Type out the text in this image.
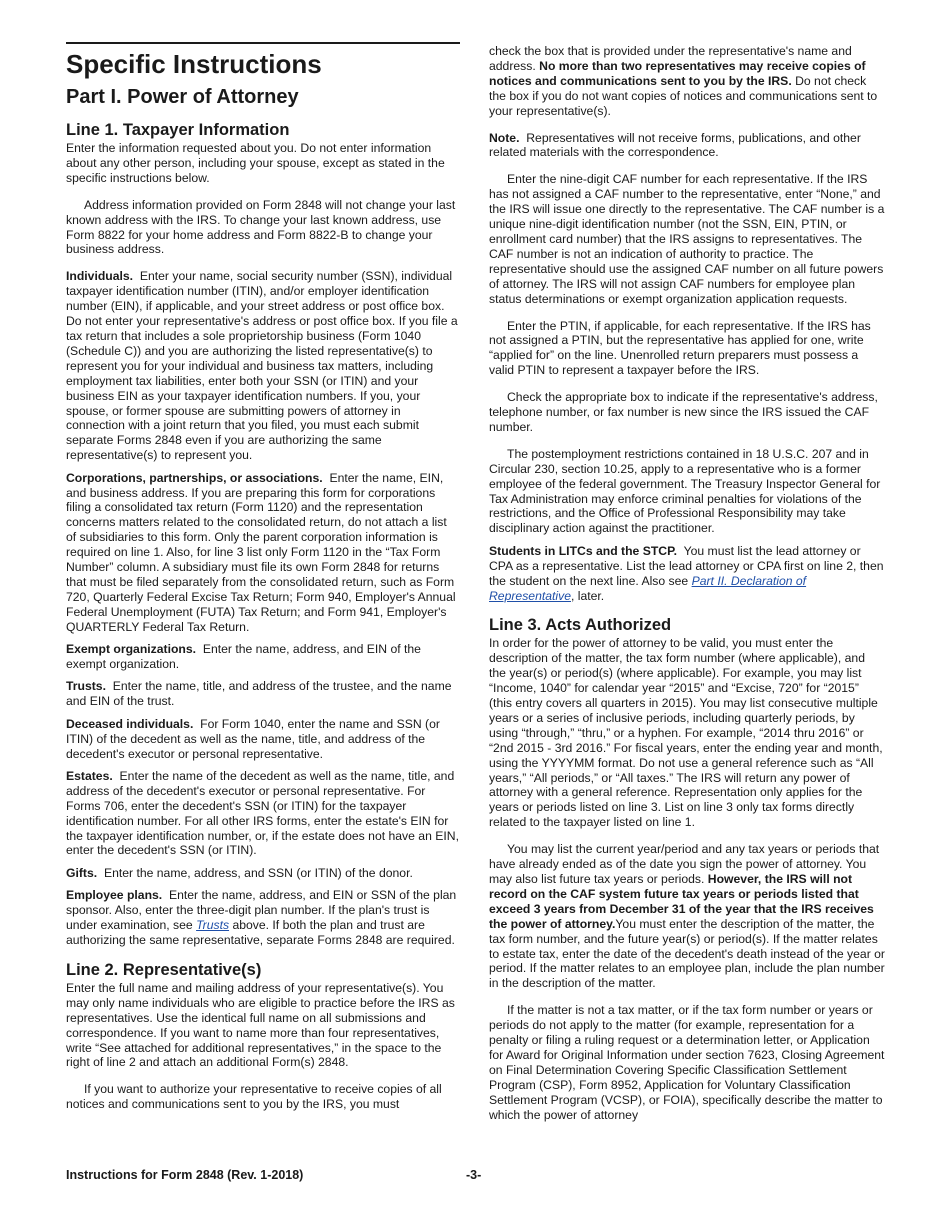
Specific Instructions
Part I. Power of Attorney
Line 1. Taxpayer Information

Enter the information requested about you. Do not enter information about any other person, including your spouse, except as stated in the specific instructions below.

Address information provided on Form 2848 will not change your last known address with the IRS. To change your last known address, use Form 8822 for your home address and Form 8822-B to change your business address.

Individuals. Enter your name, social security number (SSN), individual taxpayer identification number (ITIN), and/or employer identification number (EIN), if applicable, and your street address or post office box. Do not enter your representative's address or post office box. If you file a tax return that includes a sole proprietorship business (Form 1040 (Schedule C)) and you are authorizing the listed representative(s) to represent you for your individual and business tax matters, including employment tax liabilities, enter both your SSN (or ITIN) and your business EIN as your taxpayer identification numbers. If you, your spouse, or former spouse are submitting powers of attorney in connection with a joint return that you filed, you must each submit separate Forms 2848 even if you are authorizing the same representative(s) to represent you.

Corporations, partnerships, or associations. Enter the name, EIN, and business address. If you are preparing this form for corporations filing a consolidated tax return (Form 1120) and the representation concerns matters related to the consolidated return, do not attach a list of subsidiaries to this form. Only the parent corporation information is required on line 1. Also, for line 3 list only Form 1120 in the “Tax Form Number” column. A subsidiary must file its own Form 2848 for returns that must be filed separately from the consolidated return, such as Form 720, Quarterly Federal Excise Tax Return; Form 940, Employer's Annual Federal Unemployment (FUTA) Tax Return; and Form 941, Employer's QUARTERLY Federal Tax Return.

Exempt organizations. Enter the name, address, and EIN of the exempt organization.

Trusts. Enter the name, title, and address of the trustee, and the name and EIN of the trust.

Deceased individuals. For Form 1040, enter the name and SSN (or ITIN) of the decedent as well as the name, title, and address of the decedent's executor or personal representative.

Estates. Enter the name of the decedent as well as the name, title, and address of the decedent's executor or personal representative. For Forms 706, enter the decedent's SSN (or ITIN) for the taxpayer identification number. For all other IRS forms, enter the estate's EIN for the taxpayer identification number, or, if the estate does not have an EIN, enter the decedent's SSN (or ITIN).

Gifts. Enter the name, address, and SSN (or ITIN) of the donor.

Employee plans. Enter the name, address, and EIN or SSN of the plan sponsor. Also, enter the three-digit plan number. If the plan's trust is under examination, see Trusts above. If both the plan and trust are authorizing the same representative, separate Forms 2848 are required.

Line 2. Representative(s)

Enter the full name and mailing address of your representative(s). You may only name individuals who are eligible to practice before the IRS as representatives. Use the identical full name on all submissions and correspondence. If you want to name more than four representatives, write “See attached for additional representatives,” in the space to the right of line 2 and attach an additional Form(s) 2848.

If you want to authorize your representative to receive copies of all notices and communications sent to you by the IRS, you must

check the box that is provided under the representative's name and address. No more than two representatives may receive copies of notices and communications sent to you by the IRS. Do not check the box if you do not want copies of notices and communications sent to your representative(s).

Note. Representatives will not receive forms, publications, and other related materials with the correspondence.

Enter the nine-digit CAF number for each representative. If the IRS has not assigned a CAF number to the representative, enter “None,” and the IRS will issue one directly to the representative. The CAF number is a unique nine-digit identification number (not the SSN, EIN, PTIN, or enrollment card number) that the IRS assigns to representatives. The CAF number is not an indication of authority to practice. The representative should use the assigned CAF number on all future powers of attorney. The IRS will not assign CAF numbers for employee plan status determinations or exempt organization application requests.

Enter the PTIN, if applicable, for each representative. If the IRS has not assigned a PTIN, but the representative has applied for one, write “applied for” on the line. Unenrolled return preparers must possess a valid PTIN to represent a taxpayer before the IRS.

Check the appropriate box to indicate if the representative's address, telephone number, or fax number is new since the IRS issued the CAF number.

The postemployment restrictions contained in 18 U.S.C. 207 and in Circular 230, section 10.25, apply to a representative who is a former employee of the federal government. The Treasury Inspector General for Tax Administration may enforce criminal penalties for violations of the restrictions, and the Office of Professional Responsibility may take disciplinary action against the practitioner.

Students in LITCs and the STCP. You must list the lead attorney or CPA as a representative. List the lead attorney or CPA first on line 2, then the student on the next line. Also see Part II. Declaration of Representative, later.

Line 3. Acts Authorized

In order for the power of attorney to be valid, you must enter the description of the matter, the tax form number (where applicable), and the year(s) or period(s) (where applicable). For example, you may list “Income, 1040” for calendar year “2015” and “Excise, 720” for “2015” (this entry covers all quarters in 2015). You may list consecutive multiple years or a series of inclusive periods, including quarterly periods, by using “through,” “thru,” or a hyphen. For example, “2014 thru 2016” or “2nd 2015 - 3rd 2016.” For fiscal years, enter the ending year and month, using the YYYYMM format. Do not use a general reference such as “All years,” “All periods,” or “All taxes.” The IRS will return any power of attorney with a general reference. Representation only applies for the years or periods listed on line 3. List on line 3 only tax forms directly related to the taxpayer listed on line 1.

You may list the current year/period and any tax years or periods that have already ended as of the date you sign the power of attorney. You may also list future tax years or periods. However, the IRS will not record on the CAF system future tax years or periods listed that exceed 3 years from December 31 of the year that the IRS receives the power of attorney.You must enter the description of the matter, the tax form number, and the future year(s) or period(s). If the matter relates to estate tax, enter the date of the decedent's death instead of the year or period. If the matter relates to an employee plan, include the plan number in the description of the matter.

If the matter is not a tax matter, or if the tax form number or years or periods do not apply to the matter (for example, representation for a penalty or filing a ruling request or a determination letter, or Application for Award for Original Information under section 7623, Closing Agreement on Final Determination Covering Specific Classification Settlement Program (CSP), Form 8952, Application for Voluntary Classification Settlement Program (VCSP), or FOIA), specifically describe the matter to which the power of attorney

Instructions for Form 2848 (Rev. 1-2018)	-3-
